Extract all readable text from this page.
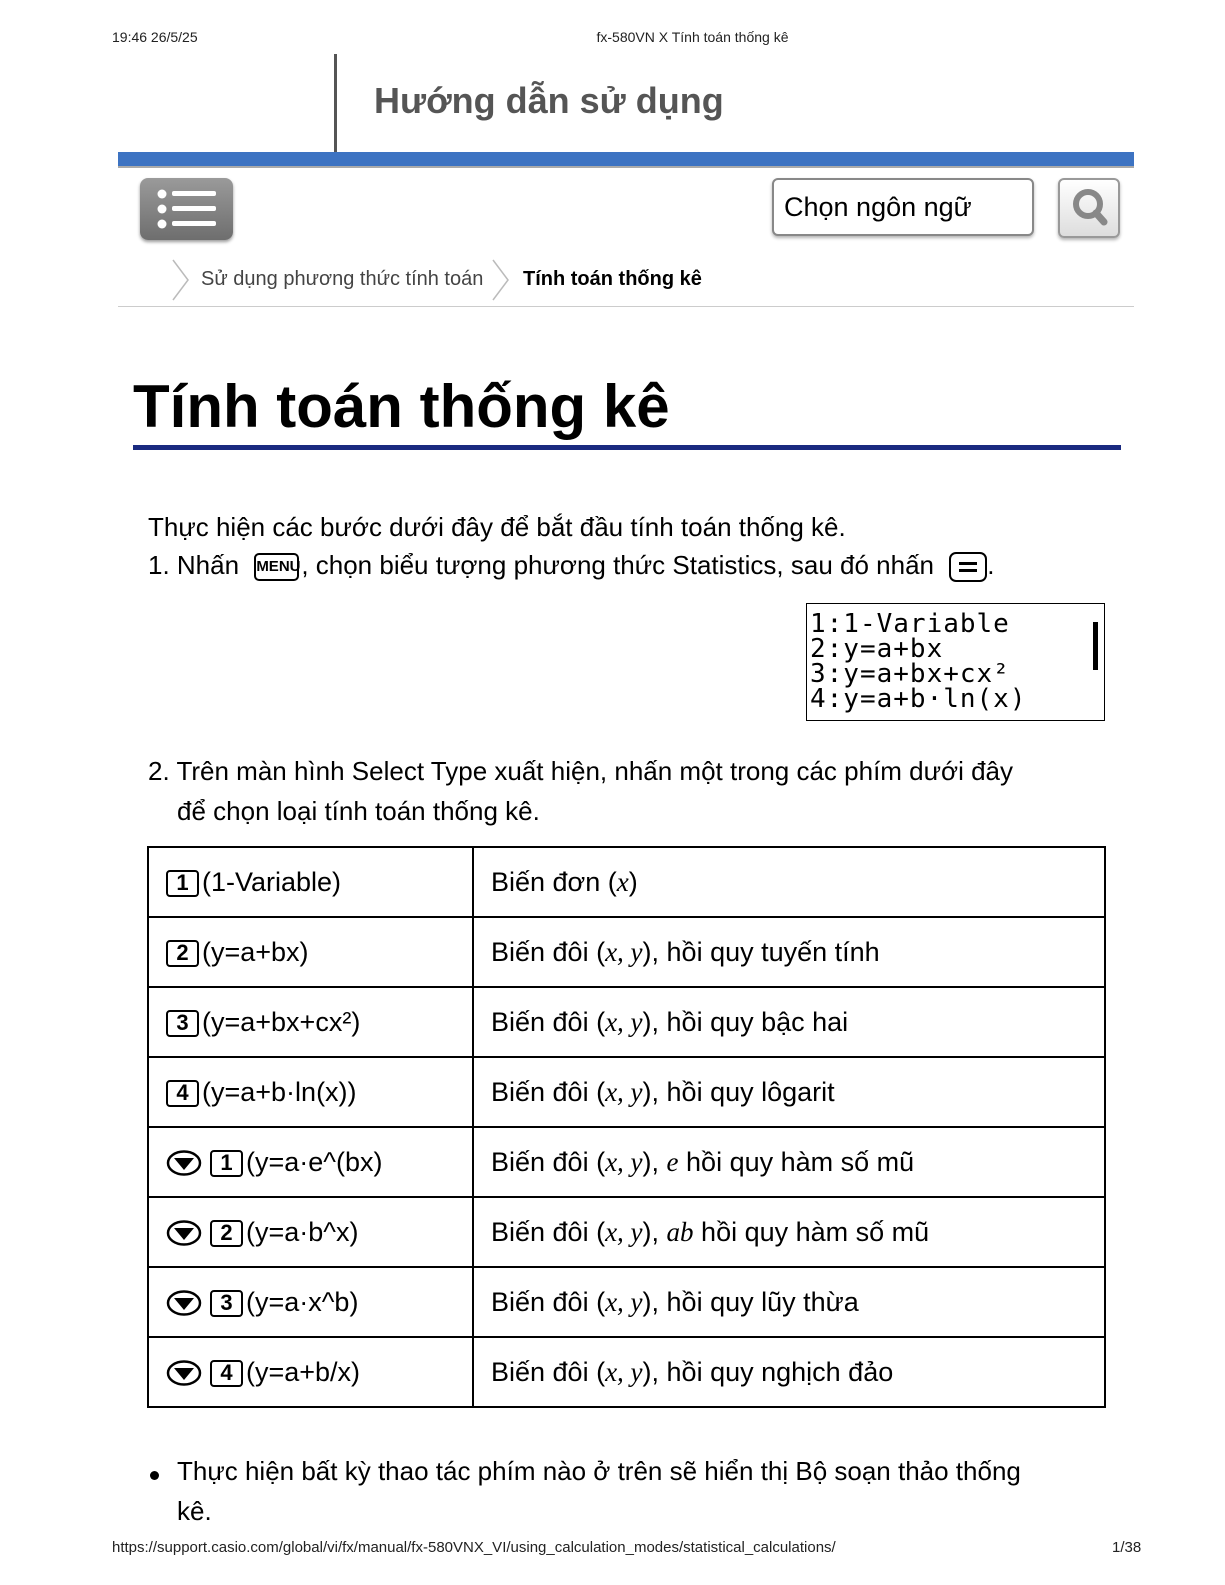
19:46 26/5/25	fx-580VN X Tính toán thống kê
Hướng dẫn sử dụng
Chọn ngôn ngữ
Sử dụng phương thức tính toán Tính toán thống kê
Tính toán thống kê
Thực hiện các bước dưới đây để bắt đầu tính toán thống kê.
1. Nhấn MENU, chọn biểu tượng phương thức Statistics, sau đó nhấn .
1:1-Variable
2:y=a+bx
3:y=a+bx+cx²
4:y=a+b·ln(x)
2. Trên màn hình Select Type xuất hiện, nhấn một trong các phím dưới đây
để chọn loại tính toán thống kê.
1 (1-Variable)	Biến đơn (x)
2 (y=a+bx)	Biến đôi (x, y), hồi quy tuyến tính
3 (y=a+bx+cx²)	Biến đôi (x, y), hồi quy bậc hai
4 (y=a+b·ln(x))	Biến đôi (x, y), hồi quy lôgarit
1 (y=a·e^(bx)	Biến đôi (x, y), e hồi quy hàm số mũ
2 (y=a·b^x)	Biến đôi (x, y), ab hồi quy hàm số mũ
3 (y=a·x^b)	Biến đôi (x, y), hồi quy lũy thừa
4 (y=a+b/x)	Biến đôi (x, y), hồi quy nghịch đảo
Thực hiện bất kỳ thao tác phím nào ở trên sẽ hiển thị Bộ soạn thảo thống
kê.
https://support.casio.com/global/vi/fx/manual/fx-580VNX_VI/using_calculation_modes/statistical_calculations/	1/38
